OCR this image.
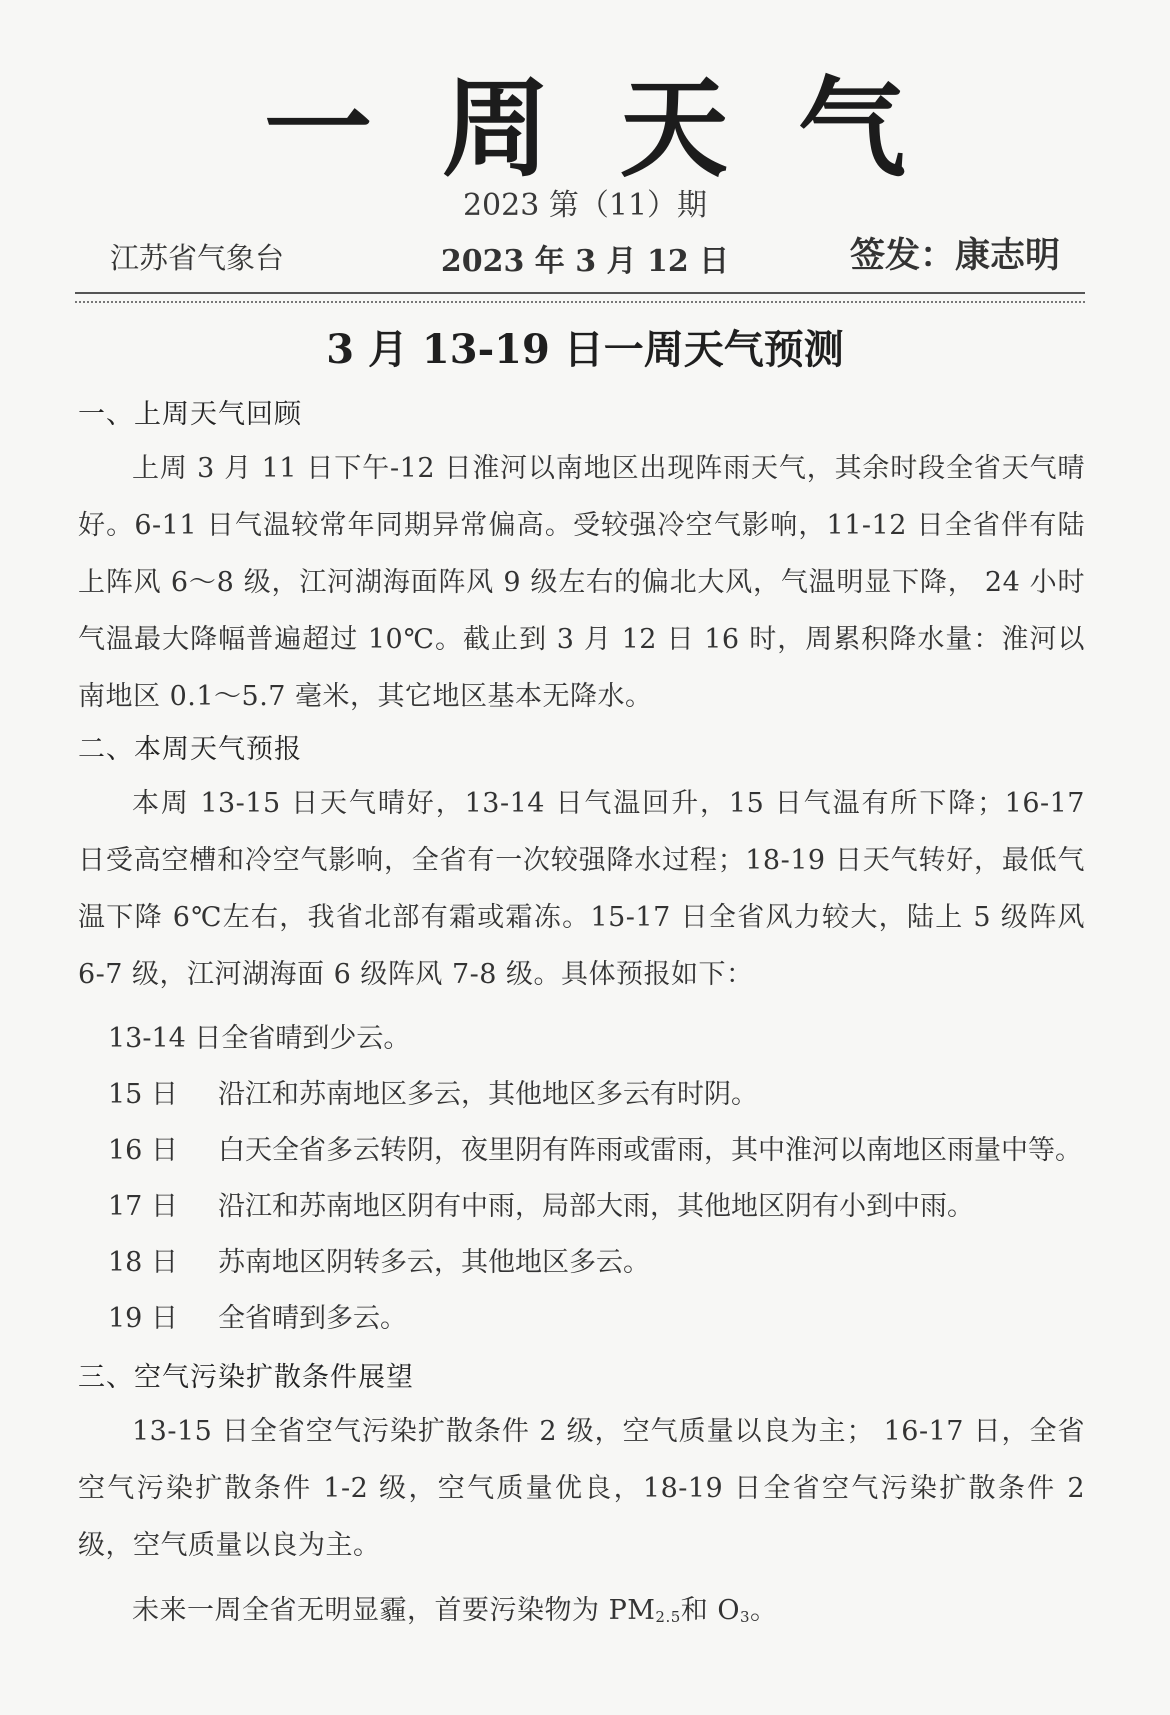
一周天气
2023 第（11）期
江苏省气象台	2023 年 3 月 12 日	签发：康志明
3 月 13-19 日一周天气预测
一、上周天气回顾

上周 3 月 11 日下午-12 日淮河以南地区出现阵雨天气，其余时段全省天气晴好。6-11 日气温较常年同期异常偏高。受较强冷空气影响，11-12 日全省伴有陆上阵风 6～8 级，江河湖海面阵风 9 级左右的偏北大风，气温明显下降， 24 小时气温最大降幅普遍超过 10℃。截止到 3 月 12 日 16 时，周累积降水量：淮河以南地区 0.1～5.7 毫米，其它地区基本无降水。

二、本周天气预报

本周 13-15 日天气晴好，13-14 日气温回升，15 日气温有所下降；16-17 日受高空槽和冷空气影响，全省有一次较强降水过程；18-19 日天气转好，最低气温下降 6℃左右，我省北部有霜或霜冻。15-17 日全省风力较大，陆上 5 级阵风 6-7 级，江河湖海面 6 级阵风 7-8 级。具体预报如下：

13-14 日全省晴到少云。
15 日 沿江和苏南地区多云，其他地区多云有时阴。
16 日 白天全省多云转阴，夜里阴有阵雨或雷雨，其中淮河以南地区雨量中等。
17 日 沿江和苏南地区阴有中雨，局部大雨，其他地区阴有小到中雨。
18 日 苏南地区阴转多云，其他地区多云。
19 日 全省晴到多云。
三、空气污染扩散条件展望

13-15 日全省空气污染扩散条件 2 级，空气质量以良为主； 16-17 日，全省空气污染扩散条件 1-2 级，空气质量优良，18-19 日全省空气污染扩散条件 2 级，空气质量以良为主。

未来一周全省无明显霾，首要污染物为 $PM_{2.5}$和 $O_3$。
